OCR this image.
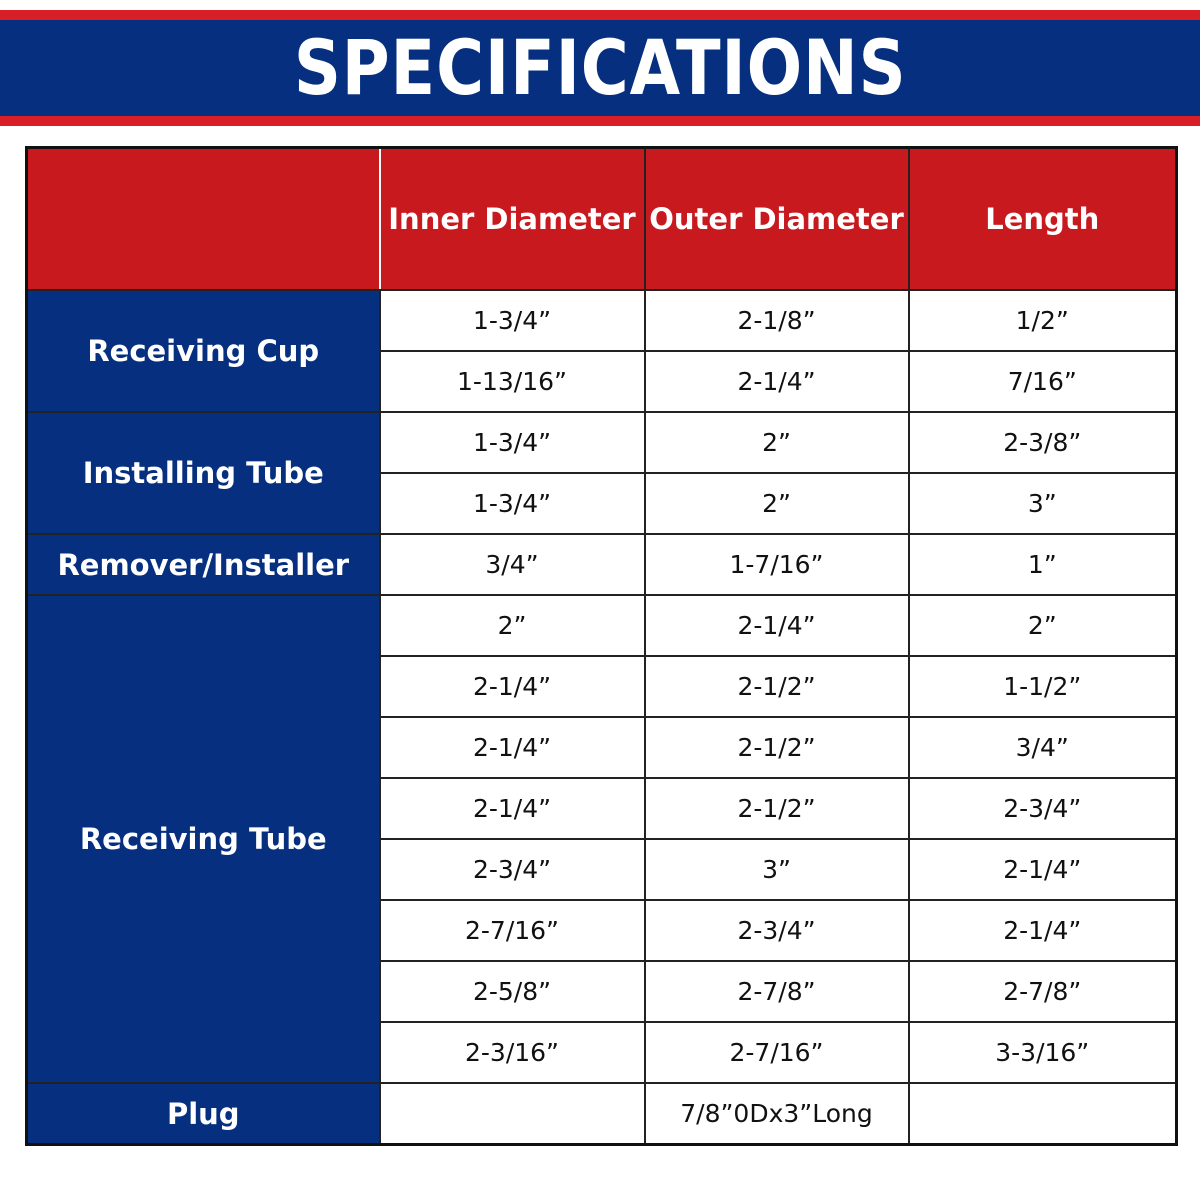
SPECIFICATIONS
	Inner Diameter	Outer Diameter	Length
Receiving Cup	1-3/4”	2-1/8”	1/2”
	1-13/16”	2-1/4”	7/16”
Installing Tube	1-3/4”	2”	2-3/8”
	1-3/4”	2”	3”
Remover/Installer	3/4”	1-7/16”	1”
Receiving Tube	2”	2-1/4”	2”
	2-1/4”	2-1/2”	1-1/2”
	2-1/4”	2-1/2”	3/4”
	2-1/4”	2-1/2”	2-3/4”
	2-3/4”	3”	2-1/4”
	2-7/16”	2-3/4”	2-1/4”
	2-5/8”	2-7/8”	2-7/8”
	2-3/16”	2-7/16”	3-3/16”
Plug		7/8”0Dx3”Long	
